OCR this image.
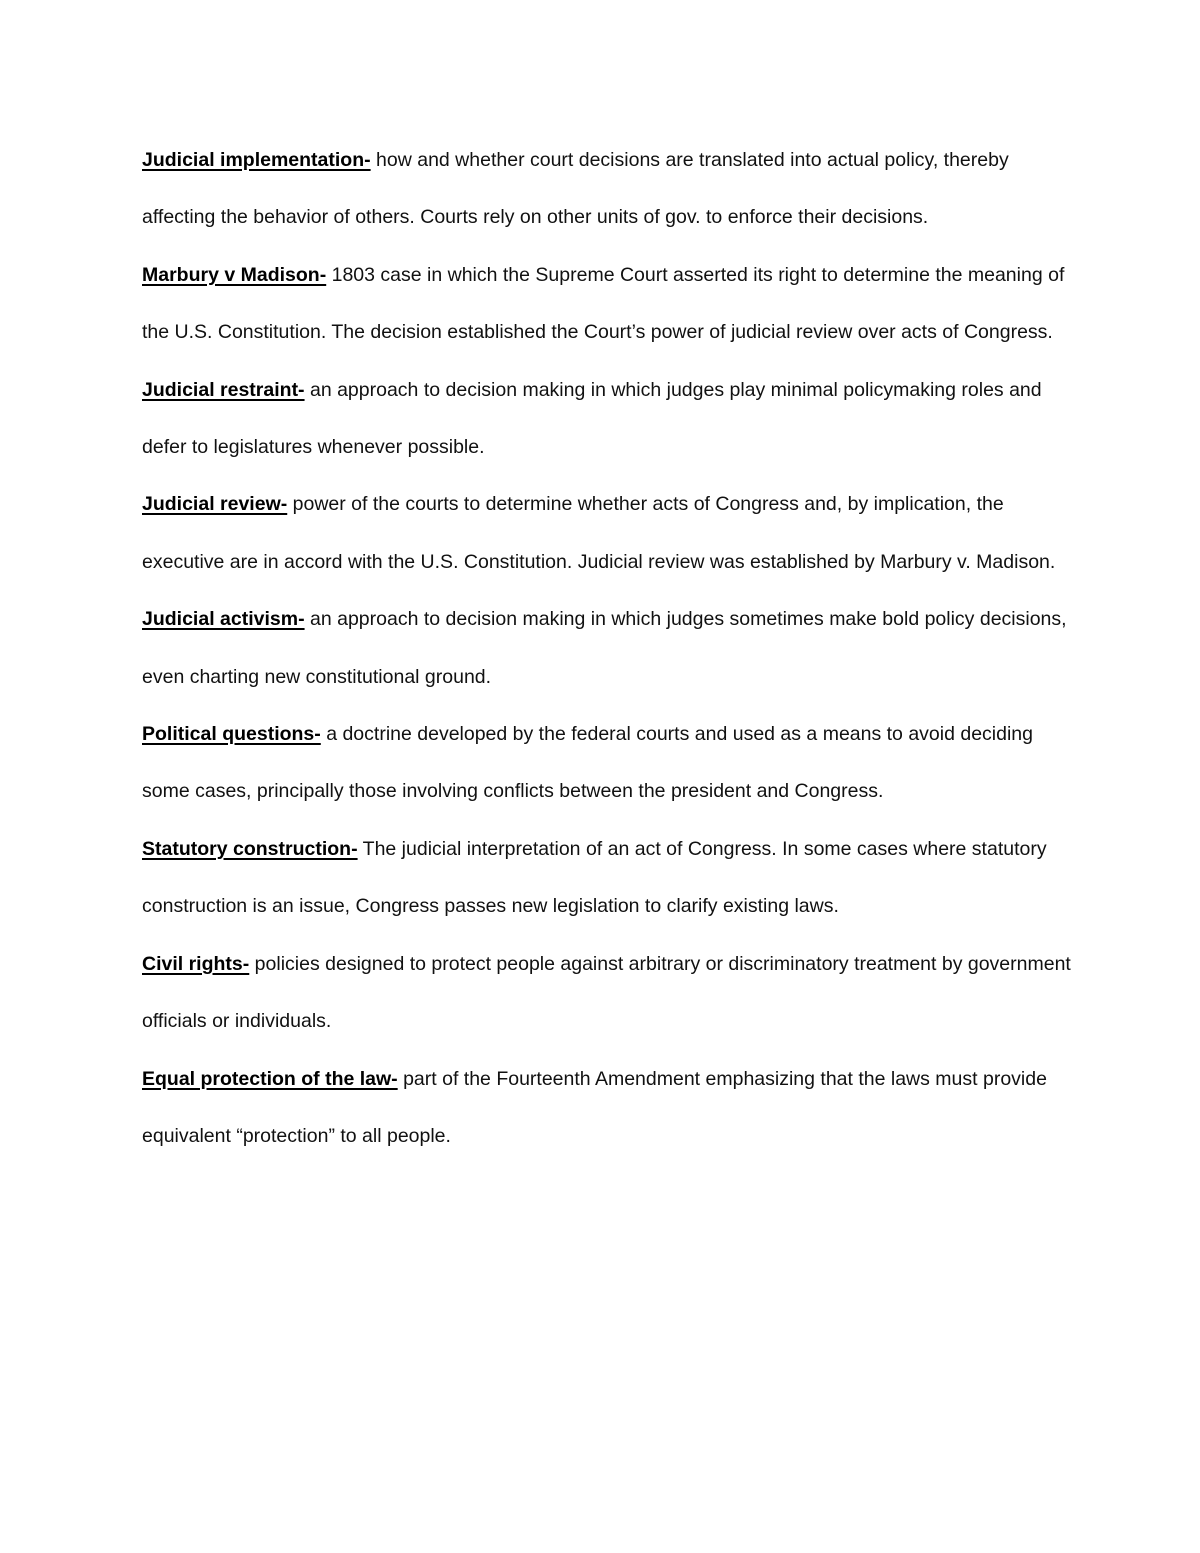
Judicial implementation- how and whether court decisions are translated into actual policy, thereby affecting the behavior of others. Courts rely on other units of gov. to enforce their decisions.

Marbury v Madison- 1803 case in which the Supreme Court asserted its right to determine the meaning of the U.S. Constitution. The decision established the Court’s power of judicial review over acts of Congress.

Judicial restraint- an approach to decision making in which judges play minimal policymaking roles and defer to legislatures whenever possible.

Judicial review- power of the courts to determine whether acts of Congress and, by implication, the executive are in accord with the U.S. Constitution. Judicial review was established by Marbury v. Madison.

Judicial activism- an approach to decision making in which judges sometimes make bold policy decisions, even charting new constitutional ground.

Political questions- a doctrine developed by the federal courts and used as a means to avoid deciding some cases, principally those involving conflicts between the president and Congress.

Statutory construction- The judicial interpretation of an act of Congress. In some cases where statutory construction is an issue, Congress passes new legislation to clarify existing laws.

Civil rights- policies designed to protect people against arbitrary or discriminatory treatment by government officials or individuals.

Equal protection of the law- part of the Fourteenth Amendment emphasizing that the laws must provide equivalent “protection” to all people.
